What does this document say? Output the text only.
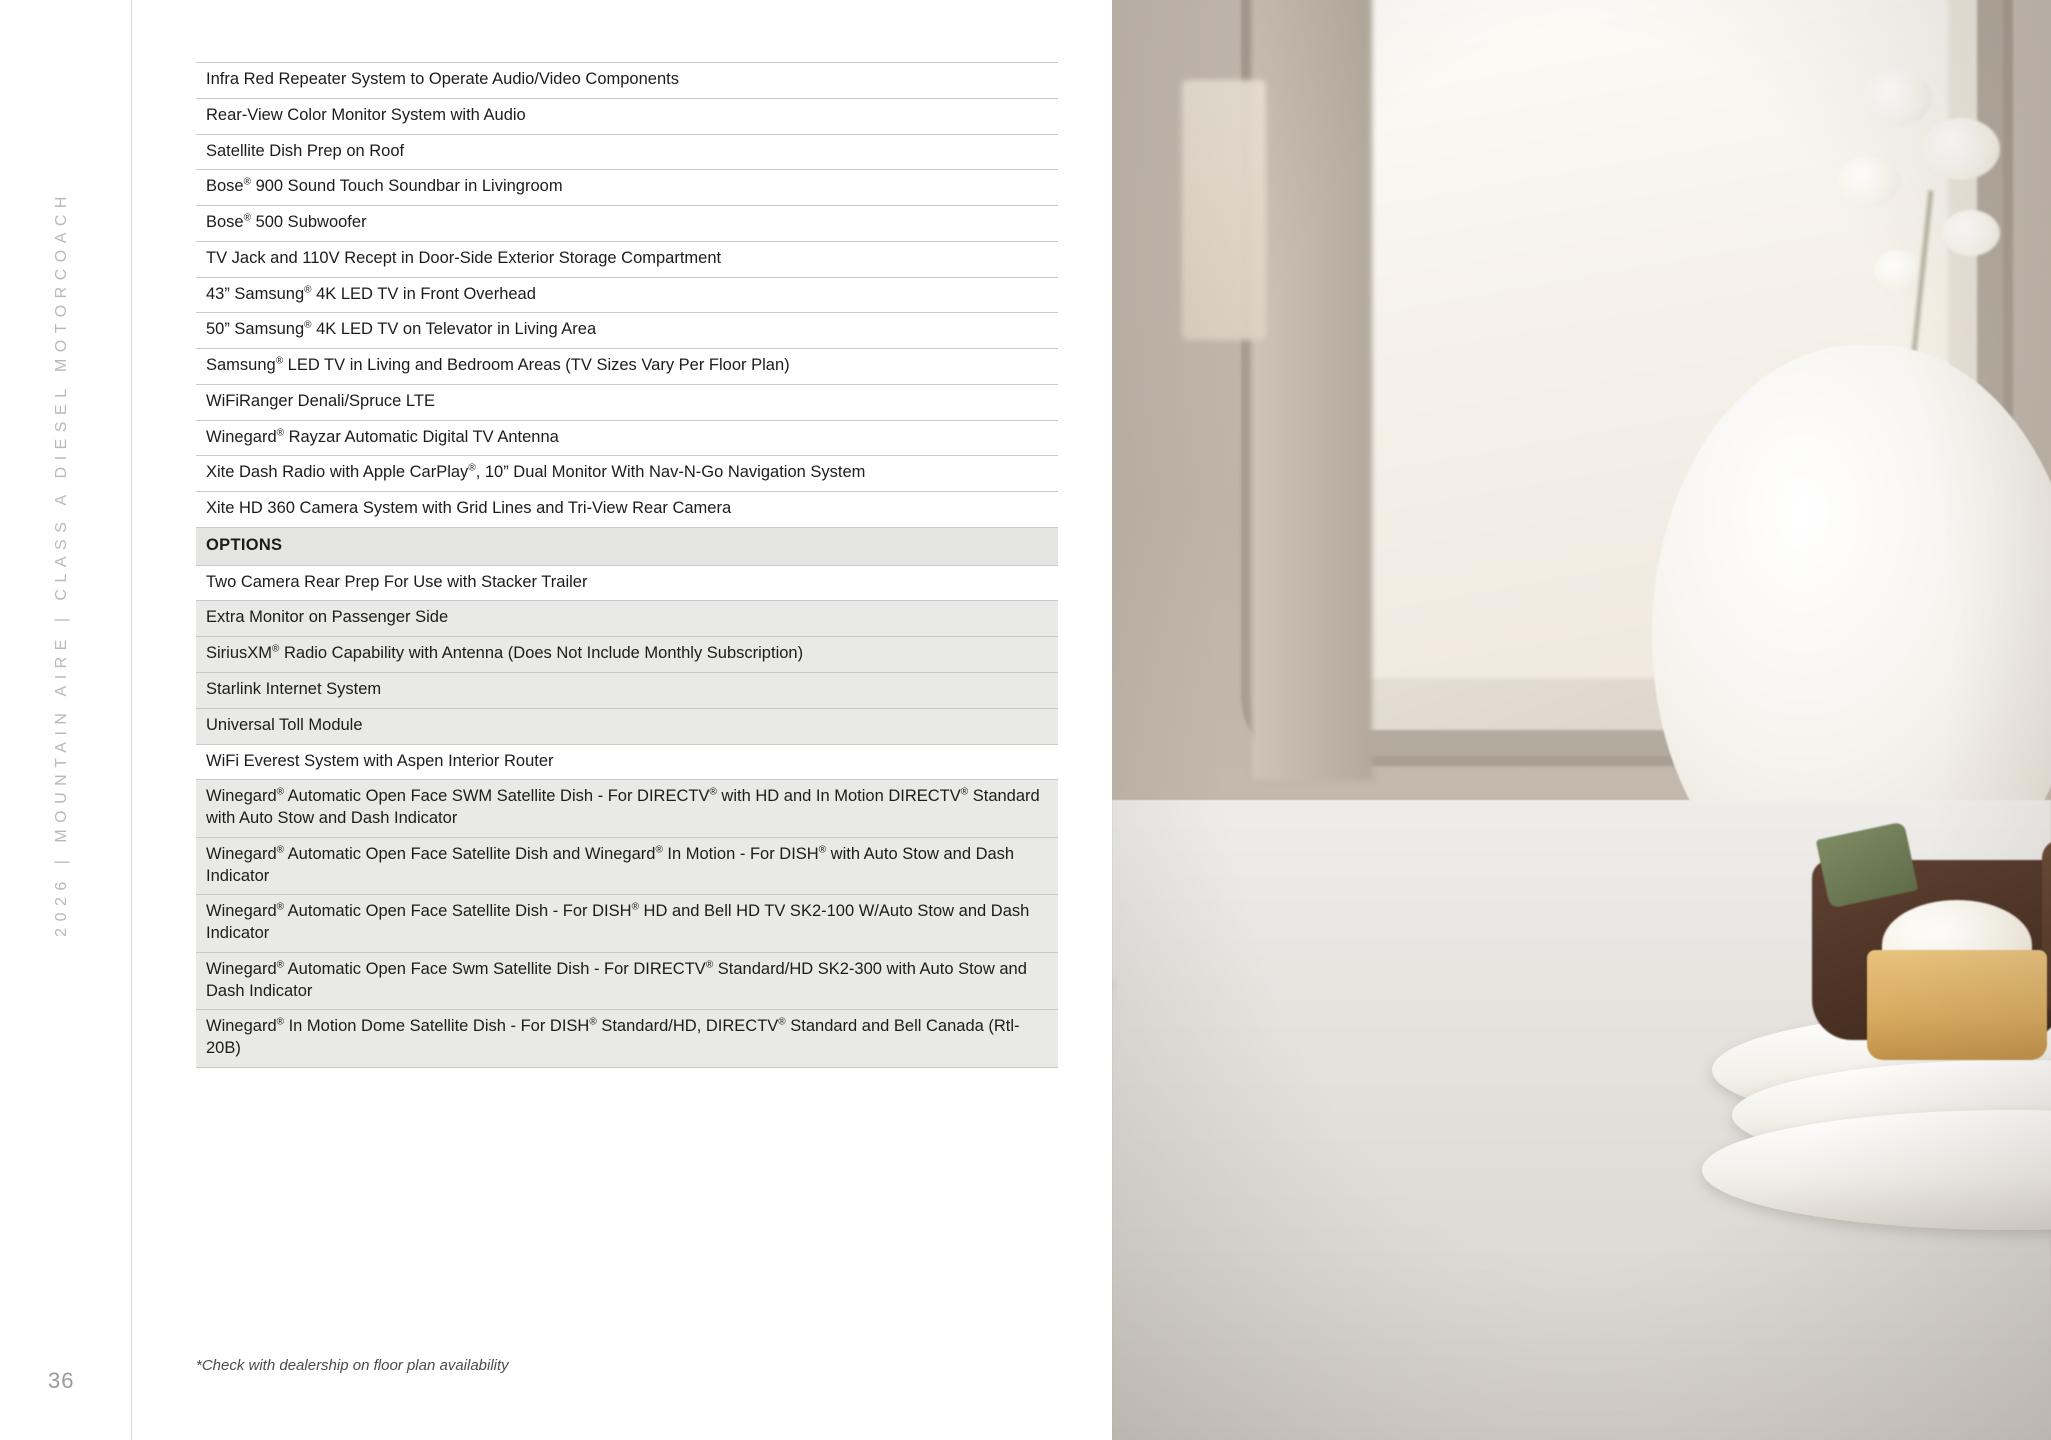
2026 | MOUNTAIN AIRE | CLASS A DIESEL MOTORCOACH
36
Infra Red Repeater System to Operate Audio/Video Components
Rear-View Color Monitor System with Audio
Satellite Dish Prep on Roof
Bose® 900 Sound Touch Soundbar in Livingroom
Bose® 500 Subwoofer
TV Jack and 110V Recept in Door-Side Exterior Storage Compartment
43” Samsung® 4K LED TV in Front Overhead
50” Samsung® 4K LED TV on Televator in Living Area
Samsung® LED TV in Living and Bedroom Areas (TV Sizes Vary Per Floor Plan)
WiFiRanger Denali/Spruce LTE
Winegard® Rayzar Automatic Digital TV Antenna
Xite Dash Radio with Apple CarPlay®, 10” Dual Monitor With Nav-N-Go Navigation System
Xite HD 360 Camera System with Grid Lines and Tri-View Rear Camera
OPTIONS
Two Camera Rear Prep For Use with Stacker Trailer
Extra Monitor on Passenger Side
SiriusXM® Radio Capability with Antenna (Does Not Include Monthly Subscription)
Starlink Internet System
Universal Toll Module
WiFi Everest System with Aspen Interior Router
Winegard® Automatic Open Face SWM Satellite Dish - For DIRECTV® with HD and In Motion DIRECTV® Standard with Auto Stow and Dash Indicator
Winegard® Automatic Open Face Satellite Dish and Winegard® In Motion - For DISH® with Auto Stow and Dash Indicator
Winegard® Automatic Open Face Satellite Dish - For DISH® HD and Bell HD TV SK2-100 W/Auto Stow and Dash Indicator
Winegard® Automatic Open Face Swm Satellite Dish - For DIRECTV® Standard/HD SK2-300 with Auto Stow and Dash Indicator
Winegard® In Motion Dome Satellite Dish - For DISH® Standard/HD, DIRECTV® Standard and Bell Canada (Rtl-20B)
*Check with dealership on floor plan availability
